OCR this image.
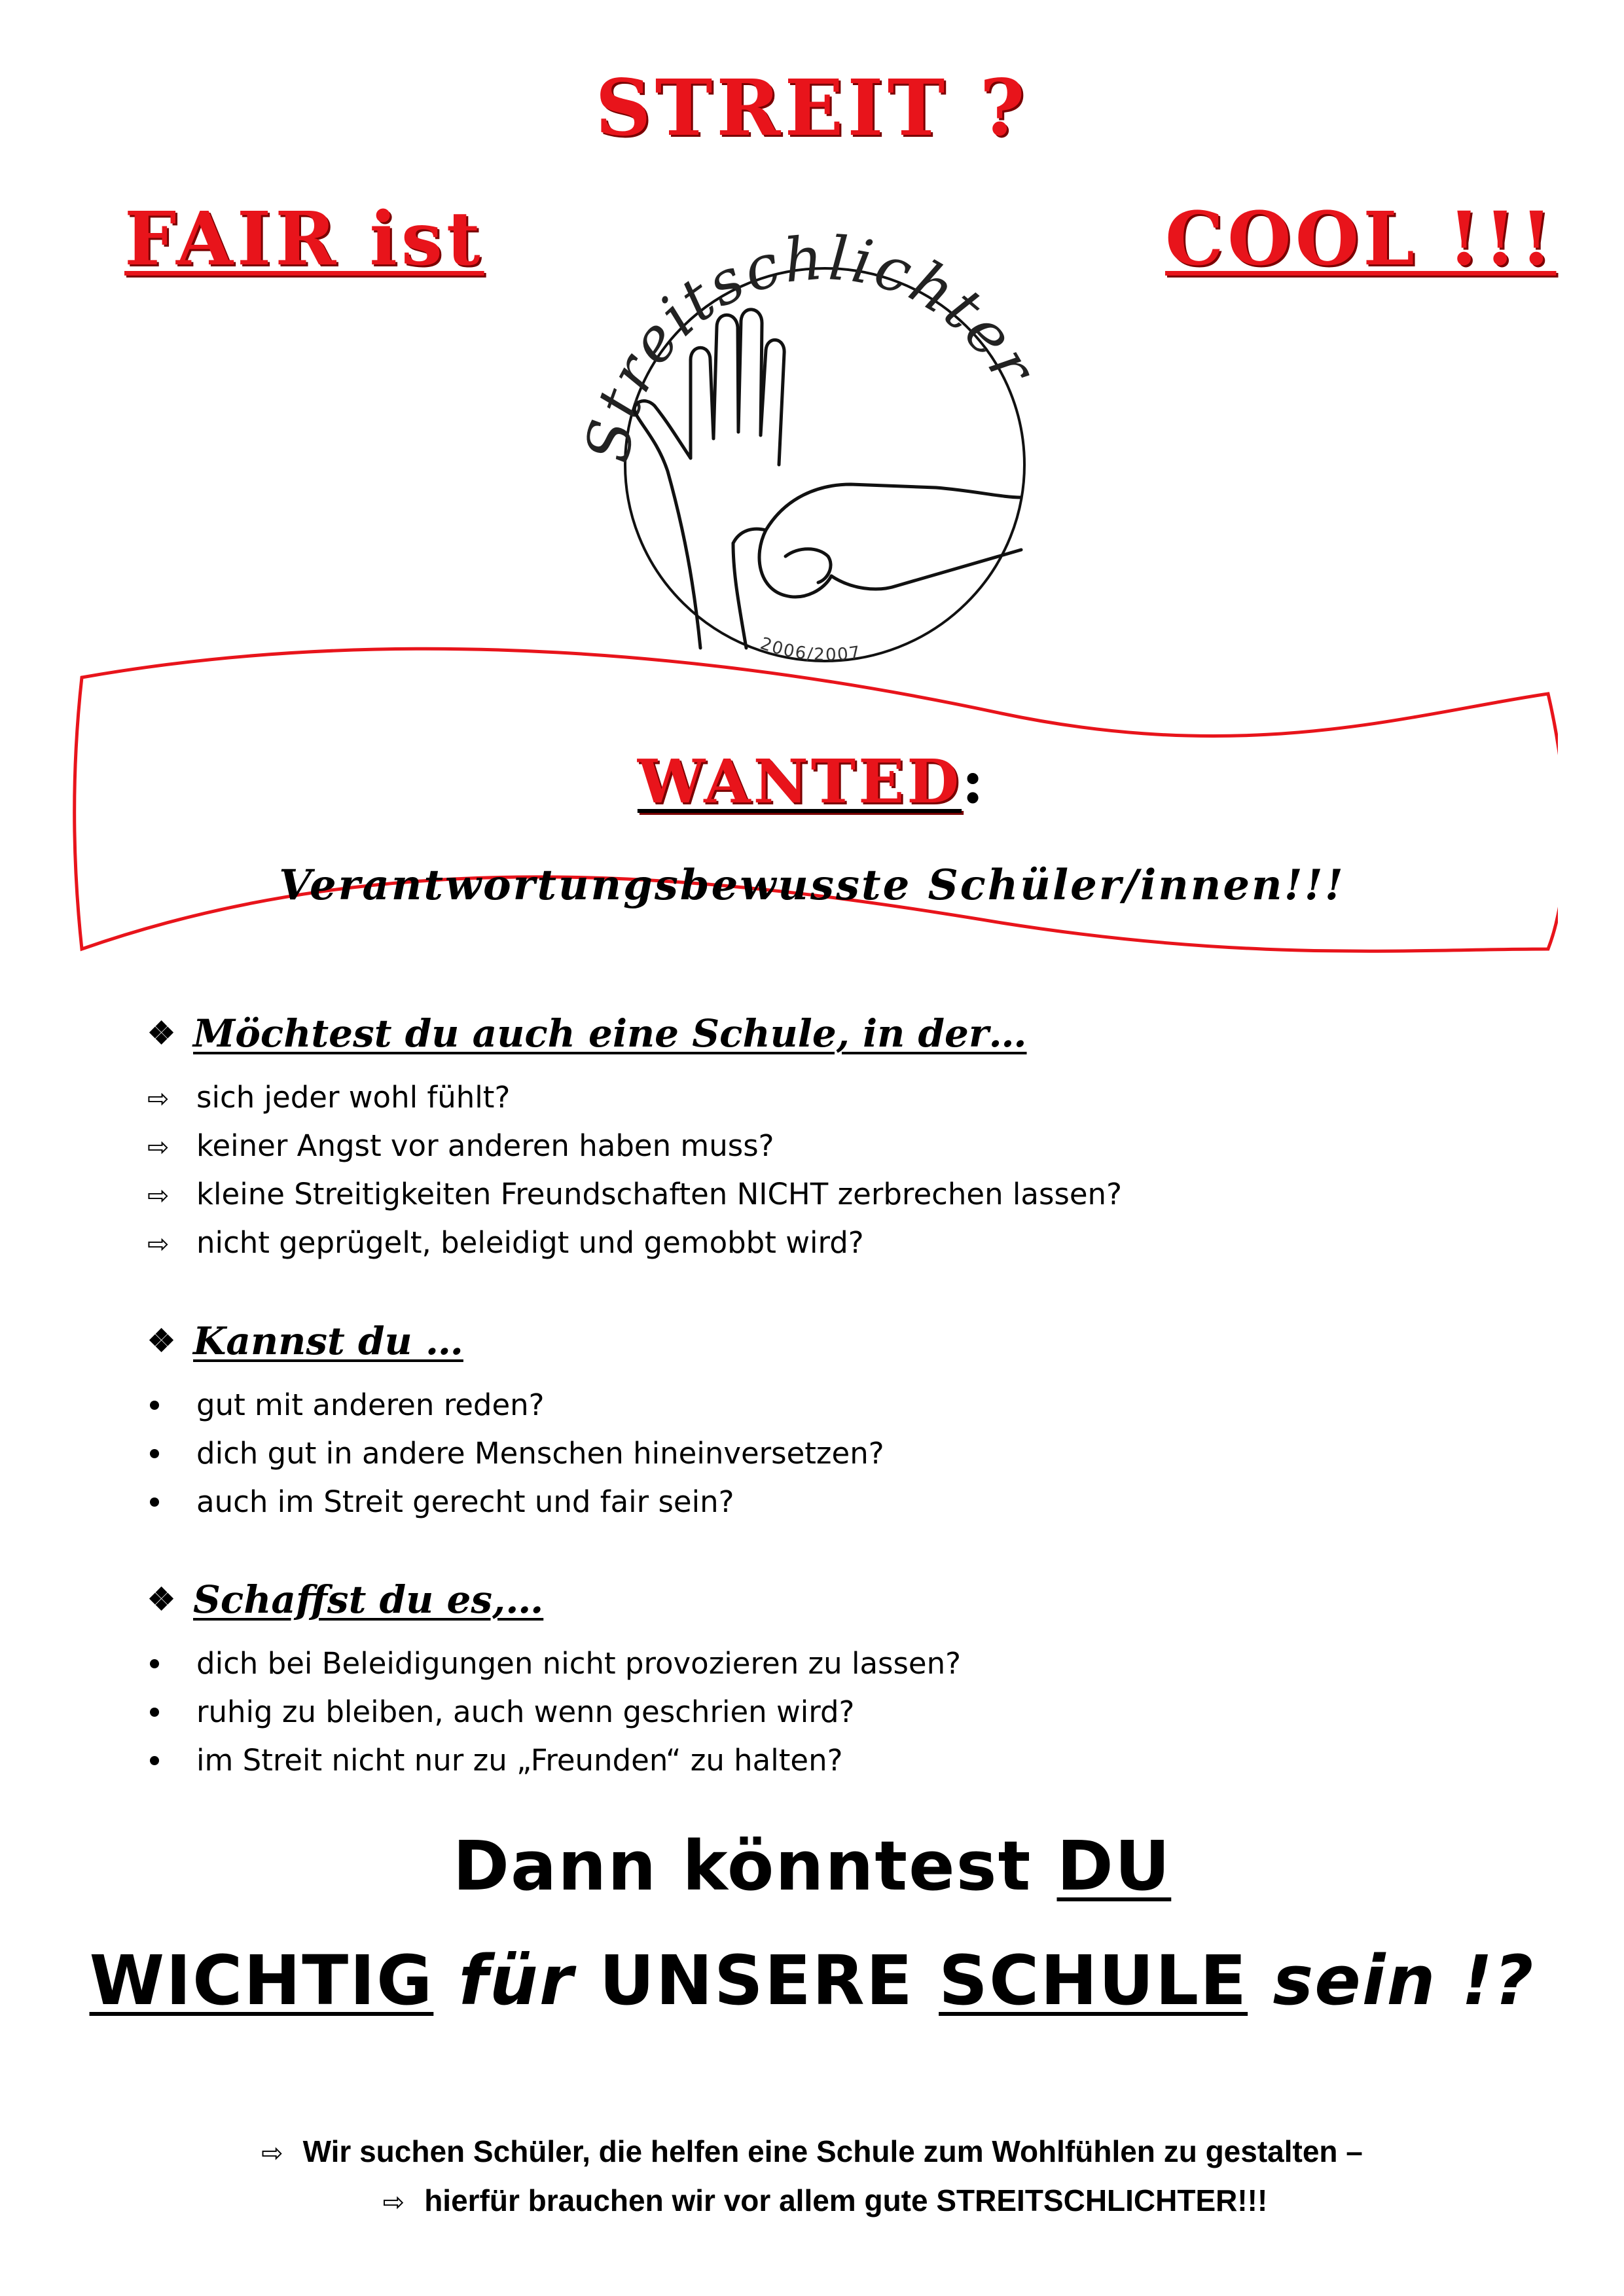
STREIT ?
FAIR ist	COOL !!!
Streitschlichter
2006/2007
WANTED:
Verantwortungsbewusste Schüler/innen!!!
❖ Möchtest du auch eine Schule, in der…
⇨ sich jeder wohl fühlt?
⇨ keiner Angst vor anderen haben muss?
⇨ kleine Streitigkeiten Freundschaften NICHT zerbrechen lassen?
⇨ nicht geprügelt, beleidigt und gemobbt wird?
❖ Kannst du …
gut mit anderen reden?
dich gut in andere Menschen hineinversetzen?
auch im Streit gerecht und fair sein?
❖ Schaffst du es,…
dich bei Beleidigungen nicht provozieren zu lassen?
ruhig zu bleiben, auch wenn geschrien wird?
im Streit nicht nur zu „Freunden“ zu halten?
Dann könntest DU
WICHTIG für UNSERE SCHULE sein !?
⇨ Wir suchen Schüler, die helfen eine Schule zum Wohlfühlen zu gestalten –
⇨ hierfür brauchen wir vor allem gute STREITSCHLICHTER!!!
